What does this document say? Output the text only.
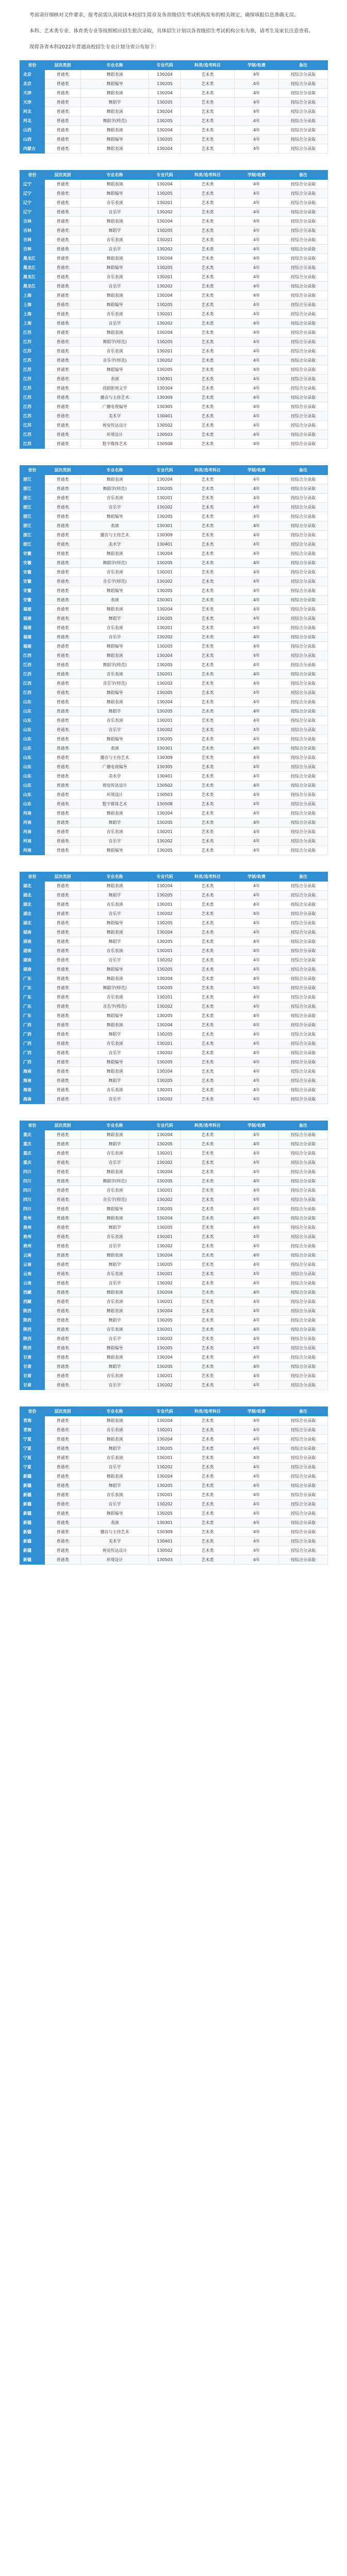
考前请仔细核对文件要求，报考前需认真阅读本校招生简章及各省级招生考试机构发布的相关规定，确保填报信息准确无误。

本科、艺术类专业、体育类专业等按照相应招生批次录取，具体招生计划以各省级招生考试机构公布为准，请考生及家长注意查看。

现将各省本科2022年普通高校招生专业计划分省公布如下：

省份	层次类别	专业名称	专业代码	科类/选考科目	学制/收费	备注
北京	普通类	舞蹈表演	130204	艺术类	4年	按综合分录取
北京	普通类	舞蹈编导	130205	艺术类	4年	按综合分录取
天津	普通类	舞蹈表演	130204	艺术类	4年	按综合分录取
天津	普通类	舞蹈学	130205	艺术类	4年	按综合分录取
河北	普通类	舞蹈表演	130204	艺术类	4年	按综合分录取
河北	普通类	舞蹈学(师范)	130205	艺术类	4年	按综合分录取
山西	普通类	舞蹈表演	130204	艺术类	4年	按综合分录取
山西	普通类	舞蹈编导	130205	艺术类	4年	按综合分录取
内蒙古	普通类	舞蹈表演	130204	艺术类	4年	按综合分录取
省份	层次类别	专业名称	专业代码	科类/选考科目	学制/收费	备注
辽宁	普通类	舞蹈表演	130204	艺术类	4年	按综合分录取
辽宁	普通类	舞蹈编导	130205	艺术类	4年	按综合分录取
辽宁	普通类	音乐表演	130201	艺术类	4年	按综合分录取
辽宁	普通类	音乐学	130202	艺术类	4年	按综合分录取
吉林	普通类	舞蹈表演	130204	艺术类	4年	按综合分录取
吉林	普通类	舞蹈学	130205	艺术类	4年	按综合分录取
吉林	普通类	音乐表演	130201	艺术类	4年	按综合分录取
吉林	普通类	音乐学	130202	艺术类	4年	按综合分录取
黑龙江	普通类	舞蹈表演	130204	艺术类	4年	按综合分录取
黑龙江	普通类	舞蹈编导	130205	艺术类	4年	按综合分录取
黑龙江	普通类	音乐表演	130201	艺术类	4年	按综合分录取
黑龙江	普通类	音乐学	130202	艺术类	4年	按综合分录取
上海	普通类	舞蹈表演	130204	艺术类	4年	按综合分录取
上海	普通类	舞蹈编导	130205	艺术类	4年	按综合分录取
上海	普通类	音乐表演	130201	艺术类	4年	按综合分录取
上海	普通类	音乐学	130202	艺术类	4年	按综合分录取
江苏	普通类	舞蹈表演	130204	艺术类	4年	按综合分录取
江苏	普通类	舞蹈学(师范)	130205	艺术类	4年	按综合分录取
江苏	普通类	音乐表演	130201	艺术类	4年	按综合分录取
江苏	普通类	音乐学(师范)	130202	艺术类	4年	按综合分录取
江苏	普通类	舞蹈编导	130205	艺术类	4年	按综合分录取
江苏	普通类	表演	130301	艺术类	4年	按综合分录取
江苏	普通类	戏剧影视文学	130304	艺术类	4年	按综合分录取
江苏	普通类	播音与主持艺术	130309	艺术类	4年	按综合分录取
江苏	普通类	广播电视编导	130305	艺术类	4年	按综合分录取
江苏	普通类	美术学	130401	艺术类	4年	按综合分录取
江苏	普通类	视觉传达设计	130502	艺术类	4年	按综合分录取
江苏	普通类	环境设计	130503	艺术类	4年	按综合分录取
江苏	普通类	数字媒体艺术	130508	艺术类	4年	按综合分录取
省份	层次类别	专业名称	专业代码	科类/选考科目	学制/收费	备注
浙江	普通类	舞蹈表演	130204	艺术类	4年	按综合分录取
浙江	普通类	舞蹈学(师范)	130205	艺术类	4年	按综合分录取
浙江	普通类	音乐表演	130201	艺术类	4年	按综合分录取
浙江	普通类	音乐学	130202	艺术类	4年	按综合分录取
浙江	普通类	舞蹈编导	130205	艺术类	4年	按综合分录取
浙江	普通类	表演	130301	艺术类	4年	按综合分录取
浙江	普通类	播音与主持艺术	130309	艺术类	4年	按综合分录取
浙江	普通类	美术学	130401	艺术类	4年	按综合分录取
安徽	普通类	舞蹈表演	130204	艺术类	4年	按综合分录取
安徽	普通类	舞蹈学(师范)	130205	艺术类	4年	按综合分录取
安徽	普通类	音乐表演	130201	艺术类	4年	按综合分录取
安徽	普通类	音乐学(师范)	130202	艺术类	4年	按综合分录取
安徽	普通类	舞蹈编导	130205	艺术类	4年	按综合分录取
安徽	普通类	表演	130301	艺术类	4年	按综合分录取
福建	普通类	舞蹈表演	130204	艺术类	4年	按综合分录取
福建	普通类	舞蹈学	130205	艺术类	4年	按综合分录取
福建	普通类	音乐表演	130201	艺术类	4年	按综合分录取
福建	普通类	音乐学	130202	艺术类	4年	按综合分录取
福建	普通类	舞蹈编导	130205	艺术类	4年	按综合分录取
江西	普通类	舞蹈表演	130204	艺术类	4年	按综合分录取
江西	普通类	舞蹈学(师范)	130205	艺术类	4年	按综合分录取
江西	普通类	音乐表演	130201	艺术类	4年	按综合分录取
江西	普通类	音乐学(师范)	130202	艺术类	4年	按综合分录取
江西	普通类	舞蹈编导	130205	艺术类	4年	按综合分录取
山东	普通类	舞蹈表演	130204	艺术类	4年	按综合分录取
山东	普通类	舞蹈学	130205	艺术类	4年	按综合分录取
山东	普通类	音乐表演	130201	艺术类	4年	按综合分录取
山东	普通类	音乐学	130202	艺术类	4年	按综合分录取
山东	普通类	舞蹈编导	130205	艺术类	4年	按综合分录取
山东	普通类	表演	130301	艺术类	4年	按综合分录取
山东	普通类	播音与主持艺术	130309	艺术类	4年	按综合分录取
山东	普通类	广播电视编导	130305	艺术类	4年	按综合分录取
山东	普通类	美术学	130401	艺术类	4年	按综合分录取
山东	普通类	视觉传达设计	130502	艺术类	4年	按综合分录取
山东	普通类	环境设计	130503	艺术类	4年	按综合分录取
山东	普通类	数字媒体艺术	130508	艺术类	4年	按综合分录取
河南	普通类	舞蹈表演	130204	艺术类	4年	按综合分录取
河南	普通类	舞蹈学	130205	艺术类	4年	按综合分录取
河南	普通类	音乐表演	130201	艺术类	4年	按综合分录取
河南	普通类	音乐学	130202	艺术类	4年	按综合分录取
河南	普通类	舞蹈编导	130205	艺术类	4年	按综合分录取
省份	层次类别	专业名称	专业代码	科类/选考科目	学制/收费	备注
湖北	普通类	舞蹈表演	130204	艺术类	4年	按综合分录取
湖北	普通类	舞蹈学	130205	艺术类	4年	按综合分录取
湖北	普通类	音乐表演	130201	艺术类	4年	按综合分录取
湖北	普通类	音乐学	130202	艺术类	4年	按综合分录取
湖北	普通类	舞蹈编导	130205	艺术类	4年	按综合分录取
湖南	普通类	舞蹈表演	130204	艺术类	4年	按综合分录取
湖南	普通类	舞蹈学	130205	艺术类	4年	按综合分录取
湖南	普通类	音乐表演	130201	艺术类	4年	按综合分录取
湖南	普通类	音乐学	130202	艺术类	4年	按综合分录取
湖南	普通类	舞蹈编导	130205	艺术类	4年	按综合分录取
广东	普通类	舞蹈表演	130204	艺术类	4年	按综合分录取
广东	普通类	舞蹈学(师范)	130205	艺术类	4年	按综合分录取
广东	普通类	音乐表演	130201	艺术类	4年	按综合分录取
广东	普通类	音乐学(师范)	130202	艺术类	4年	按综合分录取
广东	普通类	舞蹈编导	130205	艺术类	4年	按综合分录取
广西	普通类	舞蹈表演	130204	艺术类	4年	按综合分录取
广西	普通类	舞蹈学	130205	艺术类	4年	按综合分录取
广西	普通类	音乐表演	130201	艺术类	4年	按综合分录取
广西	普通类	音乐学	130202	艺术类	4年	按综合分录取
广西	普通类	舞蹈编导	130205	艺术类	4年	按综合分录取
海南	普通类	舞蹈表演	130204	艺术类	4年	按综合分录取
海南	普通类	舞蹈学	130205	艺术类	4年	按综合分录取
海南	普通类	音乐表演	130201	艺术类	4年	按综合分录取
海南	普通类	音乐学	130202	艺术类	4年	按综合分录取
省份	层次类别	专业名称	专业代码	科类/选考科目	学制/收费	备注
重庆	普通类	舞蹈表演	130204	艺术类	4年	按综合分录取
重庆	普通类	舞蹈学	130205	艺术类	4年	按综合分录取
重庆	普通类	音乐表演	130201	艺术类	4年	按综合分录取
重庆	普通类	音乐学	130202	艺术类	4年	按综合分录取
四川	普通类	舞蹈表演	130204	艺术类	4年	按综合分录取
四川	普通类	舞蹈学(师范)	130205	艺术类	4年	按综合分录取
四川	普通类	音乐表演	130201	艺术类	4年	按综合分录取
四川	普通类	音乐学(师范)	130202	艺术类	4年	按综合分录取
四川	普通类	舞蹈编导	130205	艺术类	4年	按综合分录取
贵州	普通类	舞蹈表演	130204	艺术类	4年	按综合分录取
贵州	普通类	舞蹈学	130205	艺术类	4年	按综合分录取
贵州	普通类	音乐表演	130201	艺术类	4年	按综合分录取
贵州	普通类	音乐学	130202	艺术类	4年	按综合分录取
云南	普通类	舞蹈表演	130204	艺术类	4年	按综合分录取
云南	普通类	舞蹈学	130205	艺术类	4年	按综合分录取
云南	普通类	音乐表演	130201	艺术类	4年	按综合分录取
云南	普通类	音乐学	130202	艺术类	4年	按综合分录取
西藏	普通类	舞蹈表演	130204	艺术类	4年	按综合分录取
西藏	普通类	音乐表演	130201	艺术类	4年	按综合分录取
陕西	普通类	舞蹈表演	130204	艺术类	4年	按综合分录取
陕西	普通类	舞蹈学	130205	艺术类	4年	按综合分录取
陕西	普通类	音乐表演	130201	艺术类	4年	按综合分录取
陕西	普通类	音乐学	130202	艺术类	4年	按综合分录取
陕西	普通类	舞蹈编导	130205	艺术类	4年	按综合分录取
甘肃	普通类	舞蹈表演	130204	艺术类	4年	按综合分录取
甘肃	普通类	舞蹈学	130205	艺术类	4年	按综合分录取
甘肃	普通类	音乐表演	130201	艺术类	4年	按综合分录取
甘肃	普通类	音乐学	130202	艺术类	4年	按综合分录取
省份	层次类别	专业名称	专业代码	科类/选考科目	学制/收费	备注
青海	普通类	舞蹈表演	130204	艺术类	4年	按综合分录取
青海	普通类	音乐表演	130201	艺术类	4年	按综合分录取
宁夏	普通类	舞蹈表演	130204	艺术类	4年	按综合分录取
宁夏	普通类	舞蹈学	130205	艺术类	4年	按综合分录取
宁夏	普通类	音乐表演	130201	艺术类	4年	按综合分录取
宁夏	普通类	音乐学	130202	艺术类	4年	按综合分录取
新疆	普通类	舞蹈表演	130204	艺术类	4年	按综合分录取
新疆	普通类	舞蹈学	130205	艺术类	4年	按综合分录取
新疆	普通类	音乐表演	130201	艺术类	4年	按综合分录取
新疆	普通类	音乐学	130202	艺术类	4年	按综合分录取
新疆	普通类	舞蹈编导	130205	艺术类	4年	按综合分录取
新疆	普通类	表演	130301	艺术类	4年	按综合分录取
新疆	普通类	播音与主持艺术	130309	艺术类	4年	按综合分录取
新疆	普通类	美术学	130401	艺术类	4年	按综合分录取
新疆	普通类	视觉传达设计	130502	艺术类	4年	按综合分录取
新疆	普通类	环境设计	130503	艺术类	4年	按综合分录取
